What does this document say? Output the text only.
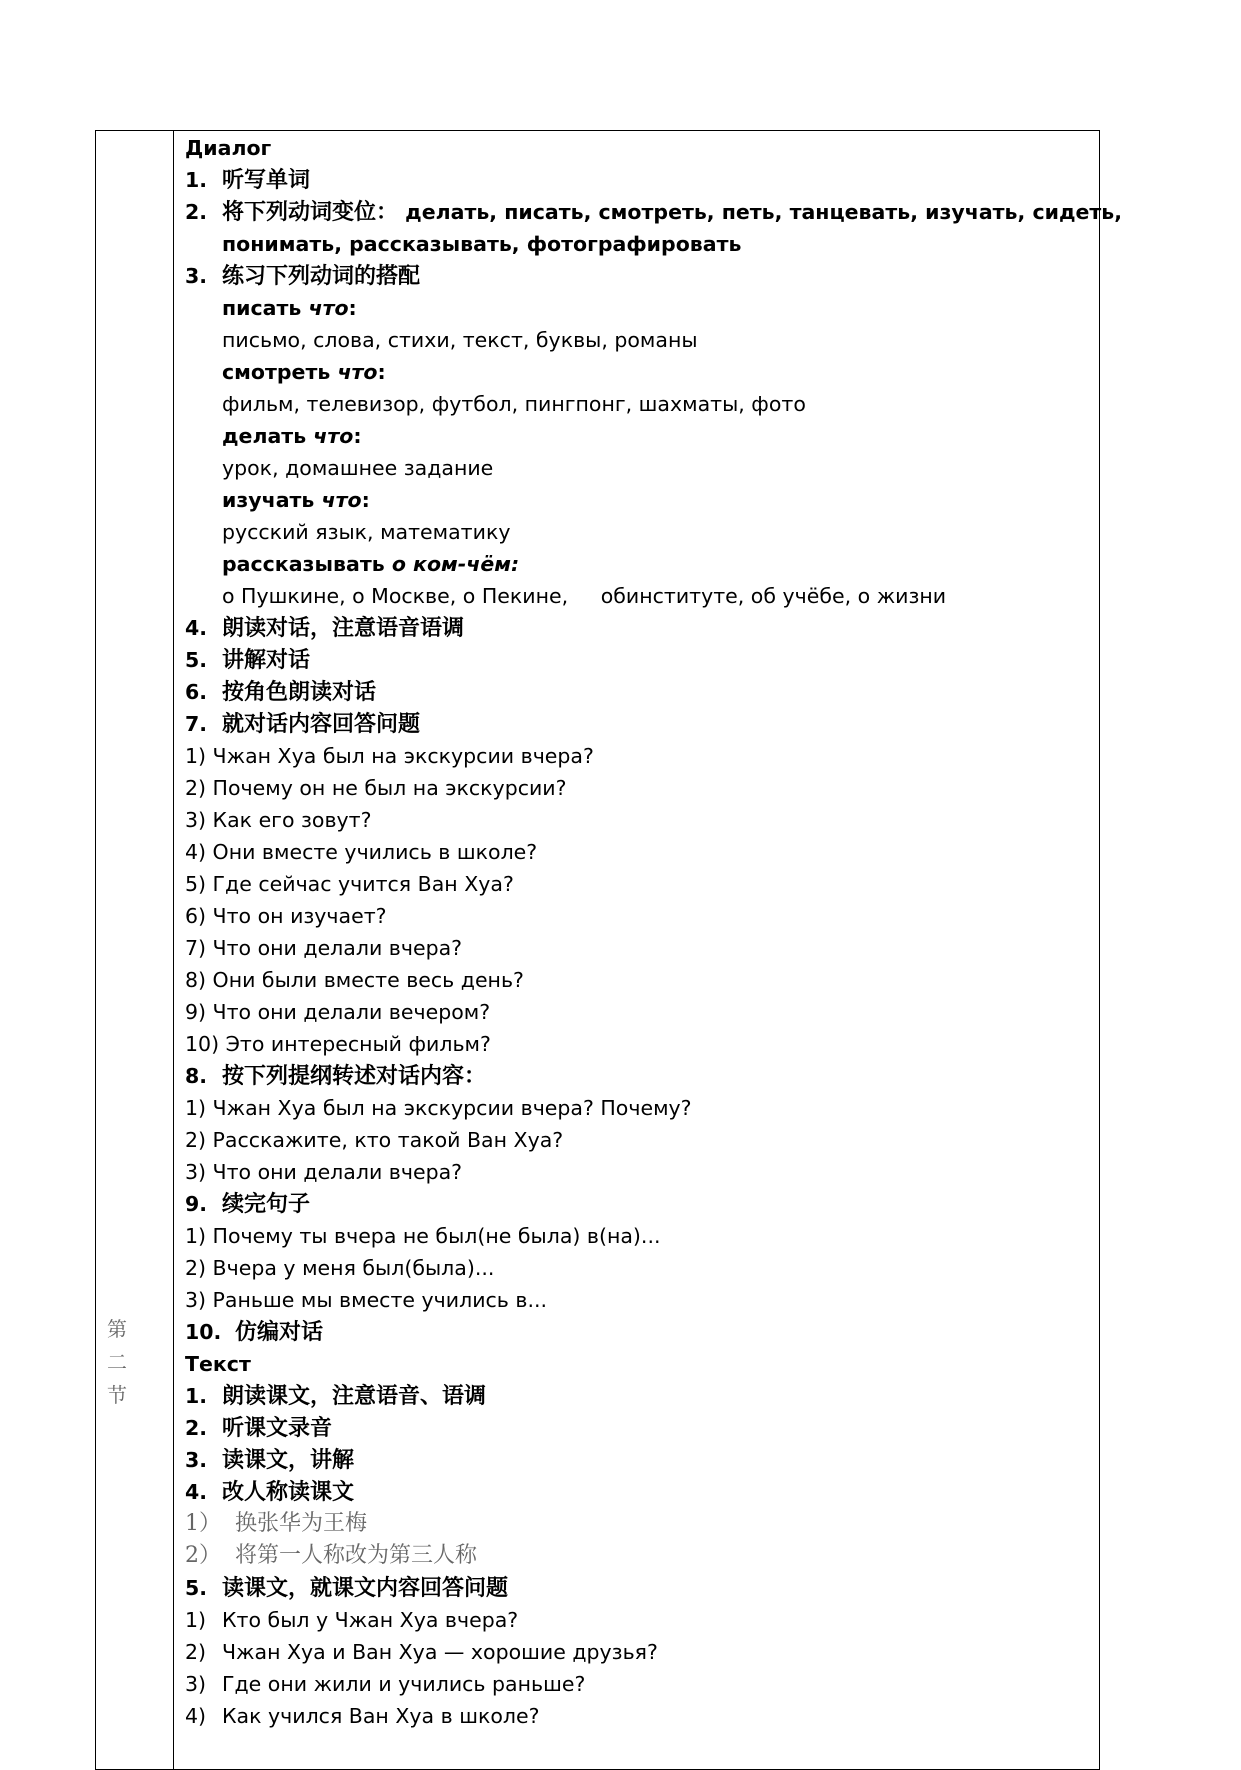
第二节
Диалог
1. 听写单词
2. 将下列动词变位： делать, писать, смотреть, петь, танцевать, изучать, сидеть,
понимать, рассказывать, фотографировать
3. 练习下列动词的搭配
писать что:
письмо, слова, стихи, текст, буквы, романы
смотреть что:
фильм, телевизор, футбол, пингпонг, шахматы, фото
делать что:
урок, домашнее задание
изучать что:
русский язык, математику
рассказывать о ком-чём:
о Пушкине, о Москве, о Пекине,     обинституте, об учёбе, о жизни
4. 朗读对话，注意语音语调
5. 讲解对话
6. 按角色朗读对话
7. 就对话内容回答问题
1) Чжан Хуа был на экскурсии вчера?
2) Почему он не был на экскурсии?
3) Как его зовут?
4) Они вместе учились в школе?
5) Где сейчас учится Ван Хуа?
6) Что он изучает?
7) Что они делали вчера?
8) Они были вместе весь день?
9) Что они делали вечером?
10) Это интересный фильм?
8. 按下列提纲转述对话内容：
1) Чжан Хуа был на экскурсии вчера? Почему?
2) Расскажите, кто такой Ван Хуа?
3) Что они делали вчера?
9. 续完句子
1) Почему ты вчера не был(не была) в(на)...
2) Вчера у меня был(была)...
3) Раньше мы вместе учились в...
10. 仿编对话
Текст
1. 朗读课文，注意语音、语调
2. 听课文录音
3. 读课文，讲解
4. 改人称读课文
1）  换张华为王梅
2）  将第一人称改为第三人称
5. 读课文，就课文内容回答问题
1) Кто был у Чжан Хуа вчера?
2) Чжан Хуа и Ван Хуа — хорошие друзья?
3) Где они жили и учились раньше?
4) Как учился Ван Хуа в школе?
